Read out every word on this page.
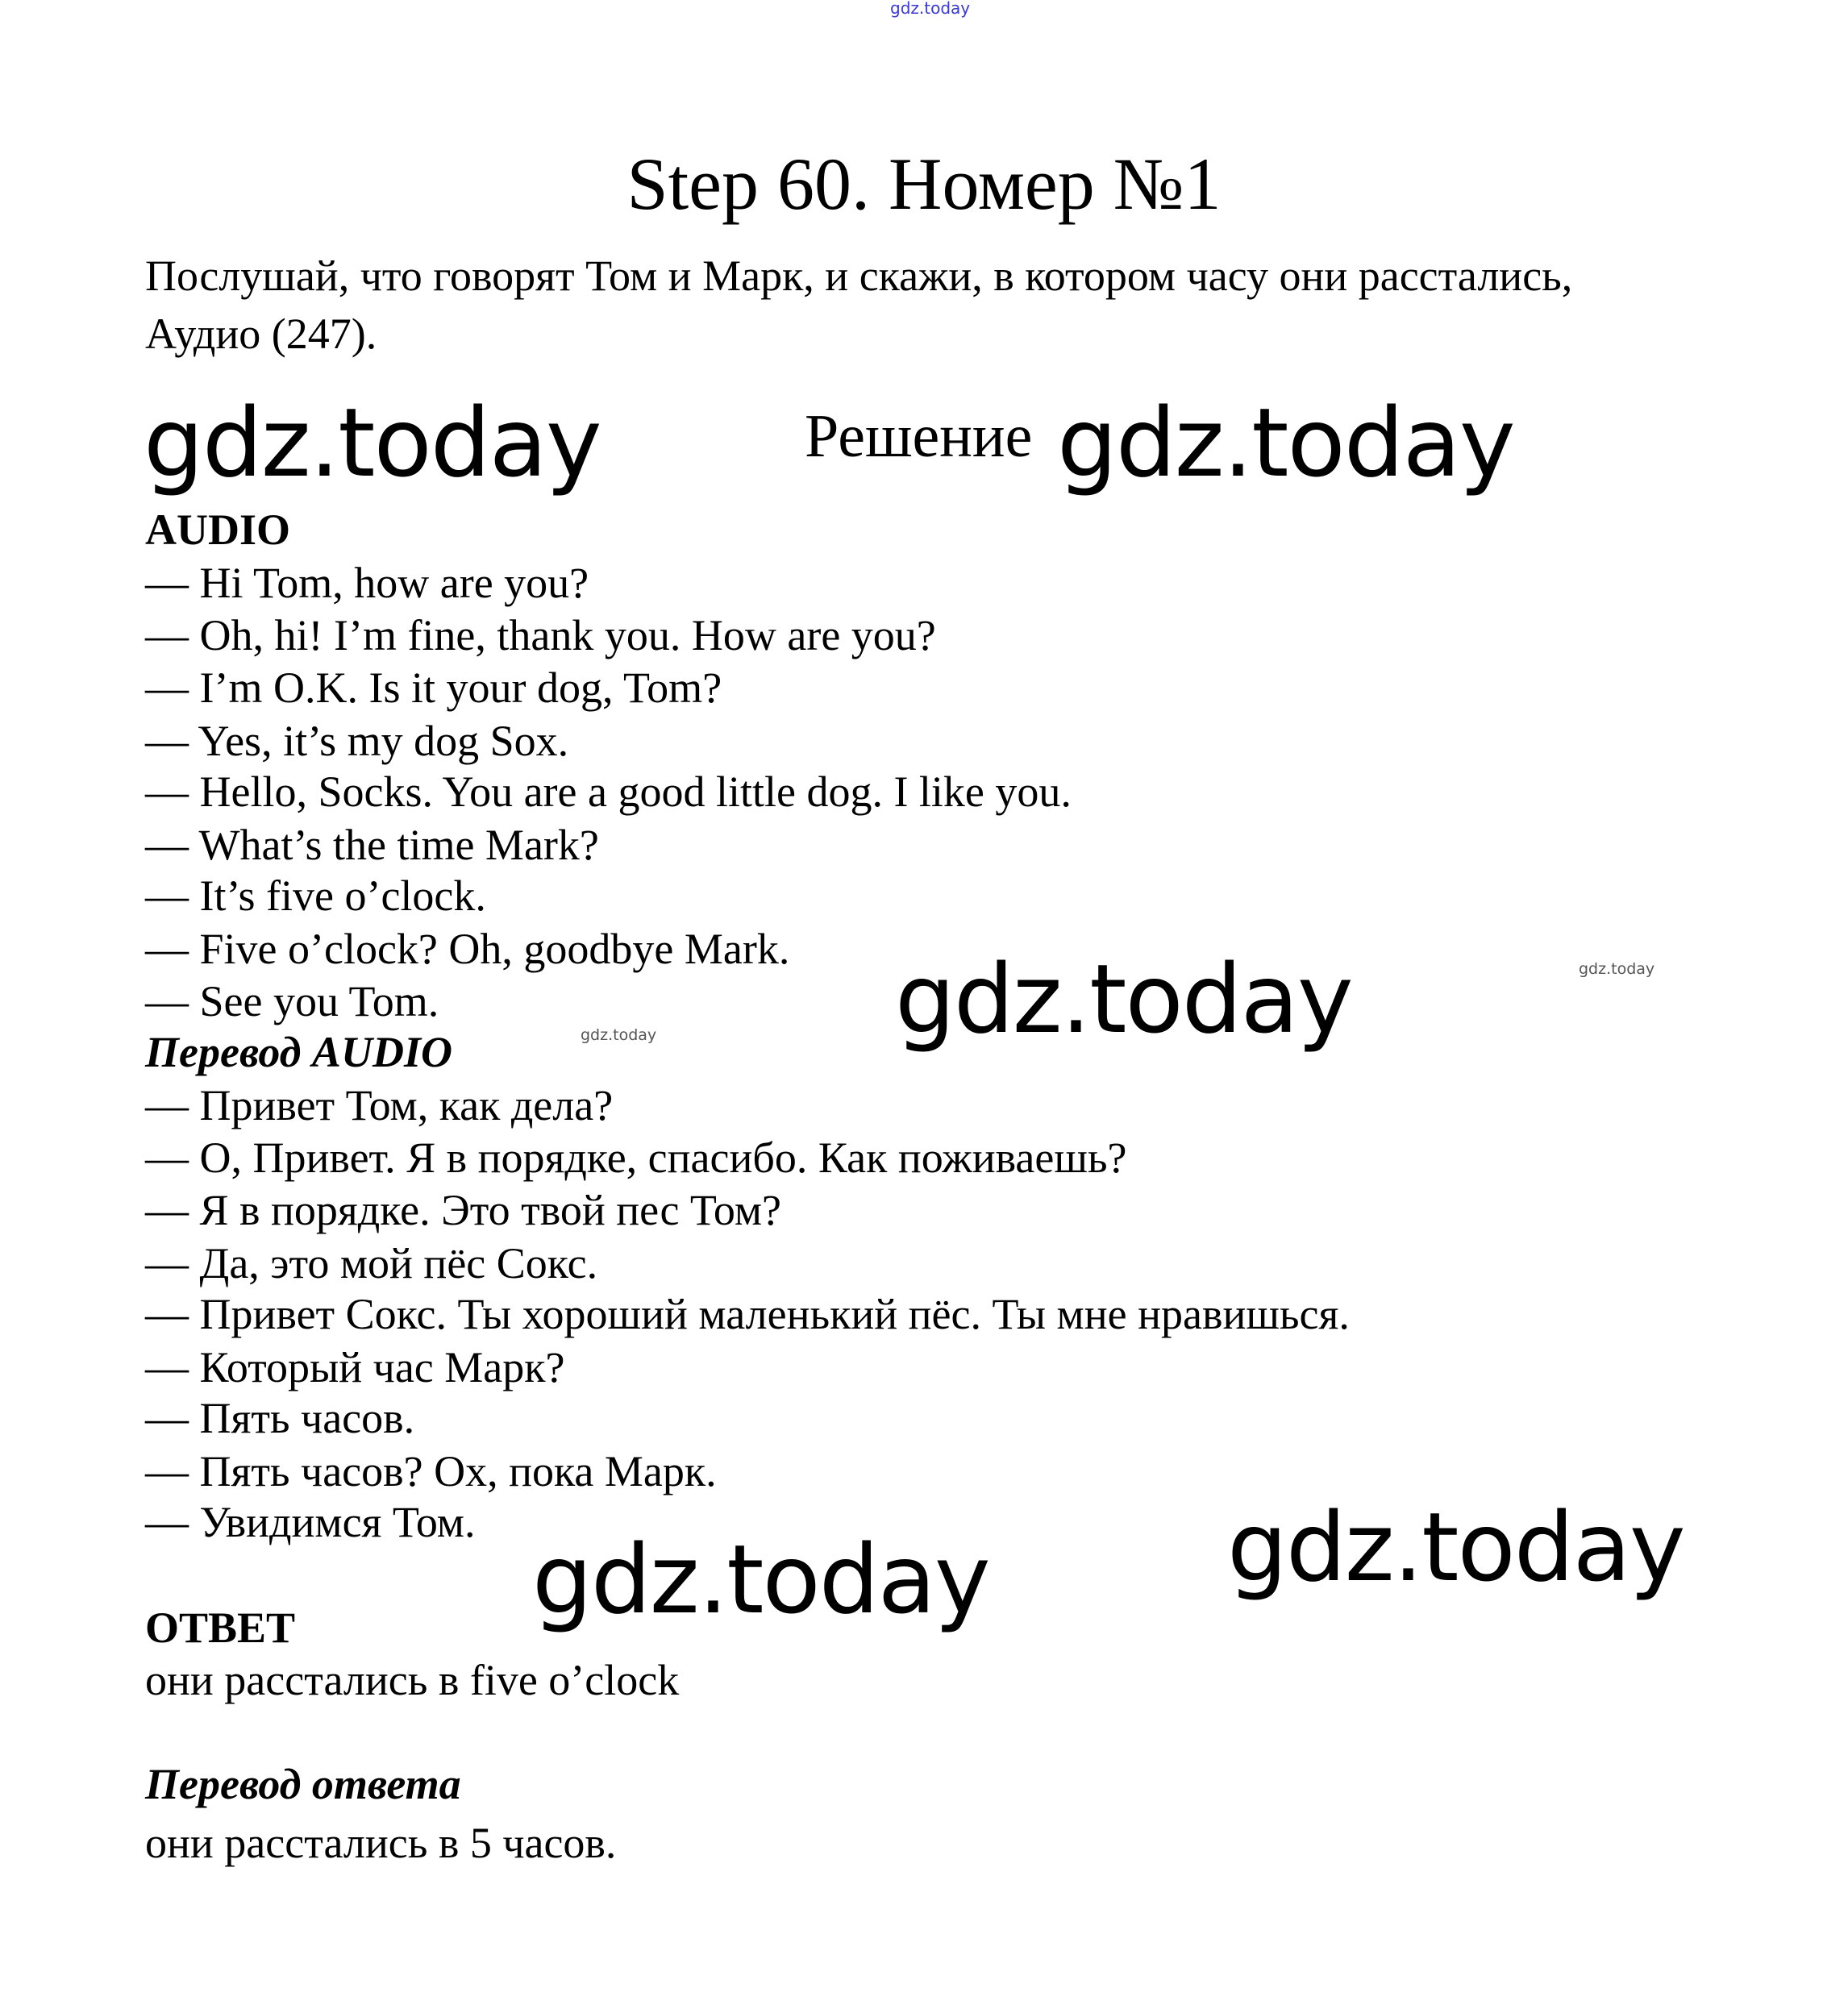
gdz.today
Step 60. Номер №1
Послушай, что говорят Том и Марк, и скажи, в котором часу они расстались,
Аудио (247).
gdz.today	Решение gdz.today
AUDIO
— Hi Tom, how are you?
— Oh, hi! I’m fine, thank you. How are you?
— I’m O.K. Is it your dog, Tom?
— Yes, it’s my dog Sox.
— Hello, Socks. You are a good little dog. I like you.
— What’s the time Mark?
— It’s five o’clock.
— Five o’clock? Oh, goodbye Mark.
— See you Tom.	gdz.today	gdz.today
gdz.today
Перевод AUDIO
— Привет Том, как дела?
— О, Привет. Я в порядке, спасибо. Как поживаешь?
— Я в порядке. Это твой пес Том?
— Да, это мой пёс Сокс.
— Привет Сокс. Ты хороший маленький пёс. Ты мне нравишься.
— Который час Марк?
— Пять часов.
— Пять часов? Ох, пока Марк.
— Увидимся Том.
gdz.today	gdz.today
ОТВЕТ
они расстались в five o’clock
Перевод ответа
они расстались в 5 часов.
